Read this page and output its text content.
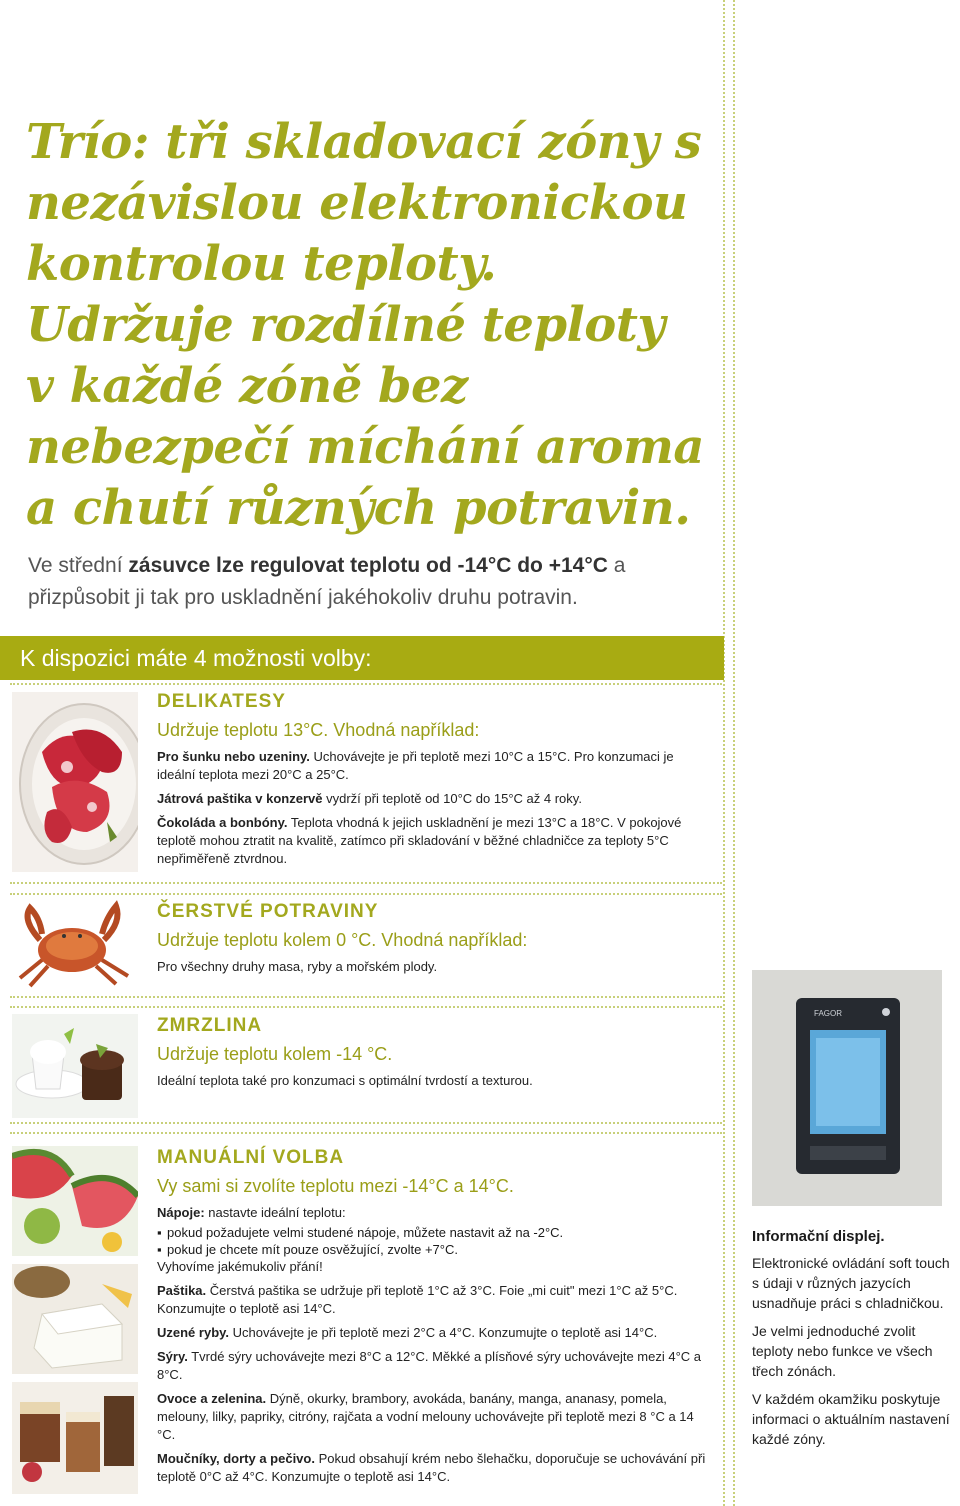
Trío: tři skladovací zóny s nezávislou elektronickou kontrolou teploty. Udržuje rozdílné teploty v každé zóně bez nebezpečí míchání aroma a chutí různých potravin.

Ve střední zásuvce lze regulovat teplotu od -14°C do +14°C a přizpůsobit ji tak pro uskladnění jakéhokoliv druhu potravin.

K dispozici máte 4 možnosti volby:

DELIKATESY

Udržuje teplotu 13°C. Vhodná například:

Pro šunku nebo uzeniny. Uchovávejte je při teplotě mezi 10°C a 15°C. Pro konzumaci je ideální teplota mezi 20°C a 25°C.

Játrová paštika v konzervě vydrží při teplotě od 10°C do 15°C až 4 roky.

Čokoláda a bonbóny. Teplota vhodná k jejich uskladnění je mezi 13°C a 18°C. V pokojové teplotě mohou ztratit na kvalitě, zatímco při skladování v běžné chladničce za teploty 5°C nepřiměřeně ztvrdnou.

ČERSTVÉ POTRAVINY

Udržuje teplotu kolem 0 °C. Vhodná například:

Pro všechny druhy masa, ryby a mořském plody.

ZMRZLINA

Udržuje teplotu kolem -14 °C.

Ideální teplota také pro konzumaci s optimální tvrdostí a texturou.

MANUÁLNÍ VOLBA

Vy sami si zvolíte teplotu mezi -14°C a 14°C.

Nápoje: nastavte ideální teplotu:

▪ pokud požadujete velmi studené nápoje, můžete nastavit až na -2°C.

▪ pokud je chcete mít pouze osvěžující, zvolte +7°C.

Vyhovíme jakémukoliv přání!

Paštika. Čerstvá paštika se udržuje při teplotě 1°C až 3°C. Foie „mi cuit" mezi 1°C až 5°C. Konzumujte o teplotě asi 14°C.

Uzené ryby. Uchovávejte je při teplotě mezi 2°C a 4°C. Konzumujte o teplotě asi 14°C.

Sýry. Tvrdé sýry uchovávejte mezi 8°C a 12°C. Měkké a plísňové sýry uchovávejte mezi 4°C a 8°C.

Ovoce a zelenina. Dýně, okurky, brambory, avokáda, banány, manga, ananasy, pomela, melouny, lilky, papriky, citróny, rajčata a vodní melouny uchovávejte při teplotě mezi 8 °C a 14 °C.

Moučníky, dorty a pečivo. Pokud obsahují krém nebo šlehačku, doporučuje se uchovávání při teplotě 0°C až 4°C. Konzumujte o teplotě asi 14°C.

FAGOR

Informační displej.

Elektronické ovládání soft touch s údaji v různých jazycích usnadňuje práci s chladničkou.

Je velmi jednoduché zvolit teploty nebo funkce ve všech třech zónách.

V každém okamžiku poskytuje informaci o aktuálním nastavení každé zóny.
